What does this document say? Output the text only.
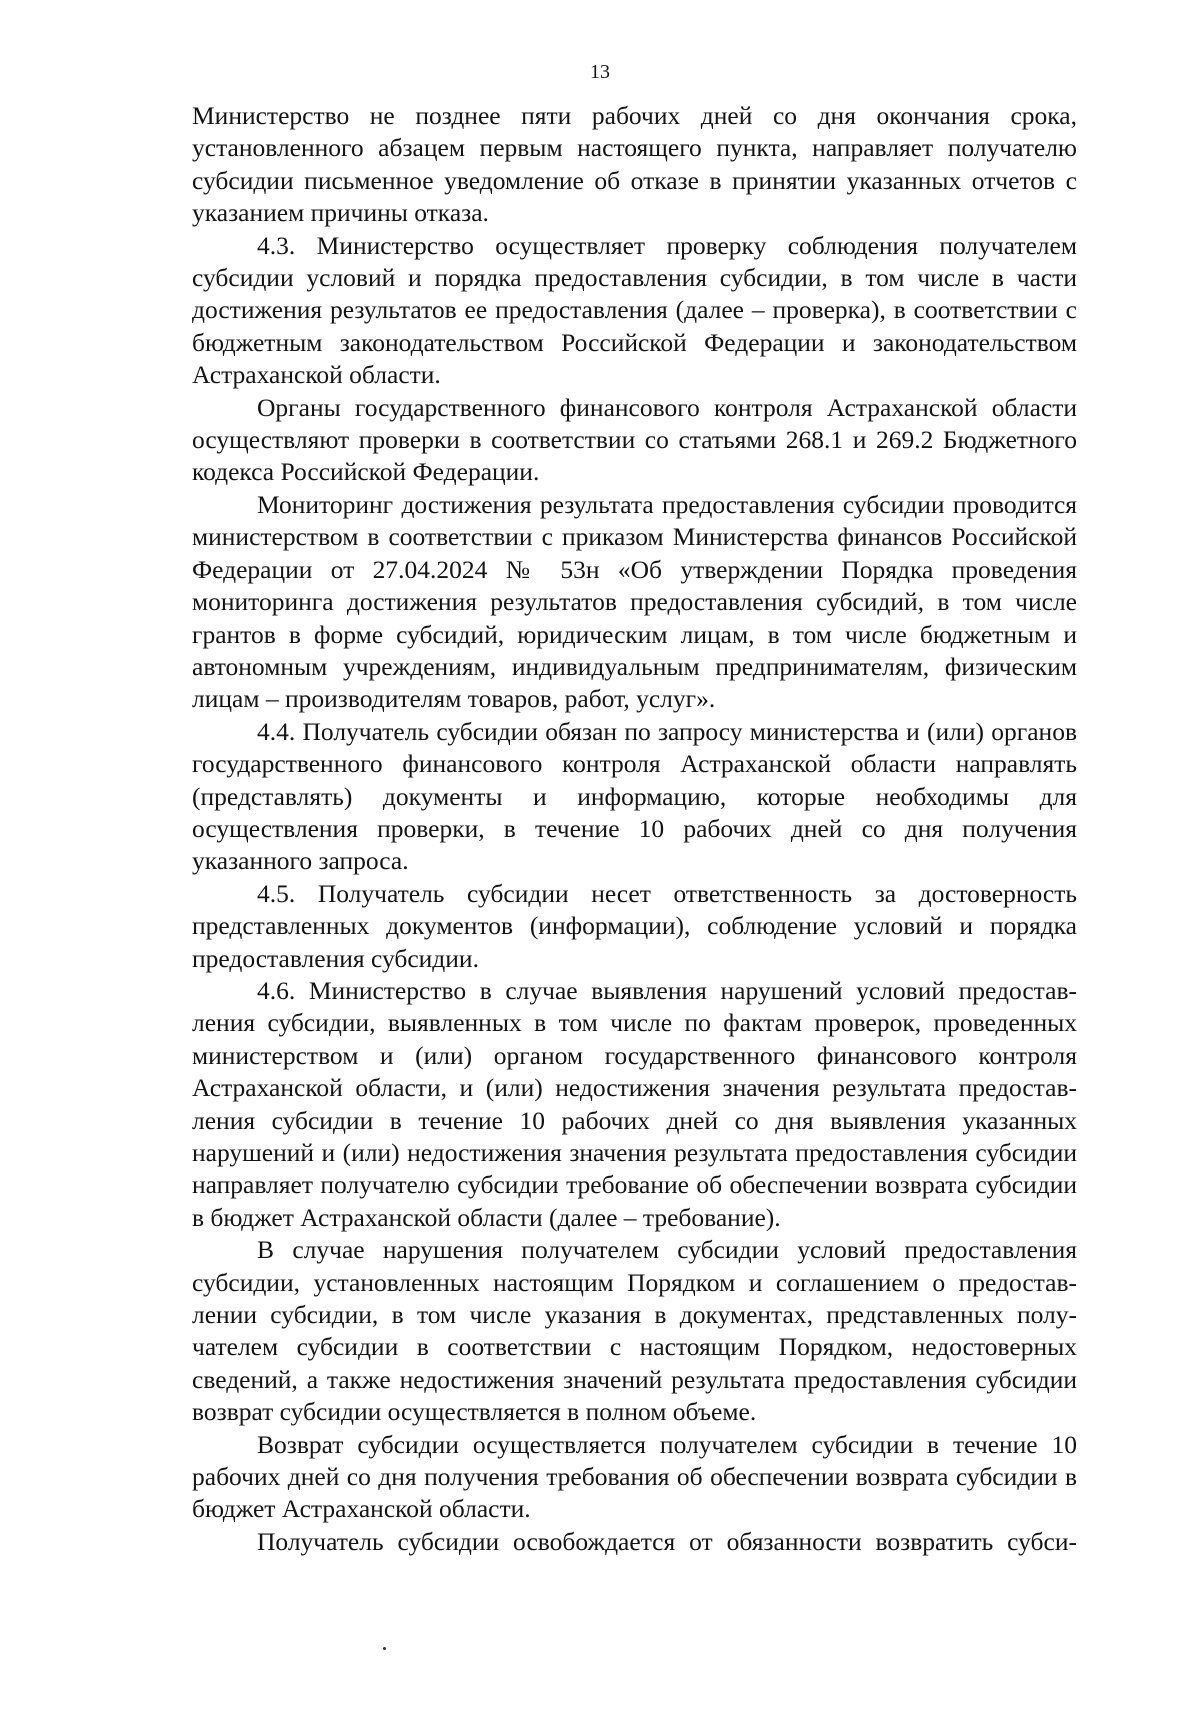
13

Министерство не позднее пяти рабочих дней со дня окончания срока, установленного абзацем первым настоящего пункта, направляет получателю субсидии письменное уведомление об отказе в принятии указанных отчетов с указанием причины отказа.

4.3. Министерство осуществляет проверку соблюдения получателем субсидии условий и порядка предоставления субсидии, в том числе в части достижения результатов ее предоставления (далее – проверка), в соответствии с бюджетным законодательством Российской Федерации и законодательством Астраханской области.

Органы государственного финансового контроля Астраханской области осуществляют проверки в соответствии со статьями 268.1 и 269.2 Бюджетного кодекса Российской Федерации.

Мониторинг достижения результата предоставления субсидии проводится министерством в соответствии с приказом Министерства финансов Российской Федерации от 27.04.2024 № 53н «Об утверждении Порядка проведения мониторинга достижения результатов предоставления субсидий, в том числе грантов в форме субсидий, юридическим лицам, в том числе бюджетным и автономным учреждениям, индивидуальным предпринимателям, физическим лицам – производителям товаров, работ, услуг».

4.4. Получатель субсидии обязан по запросу министерства и (или) органов государственного финансового контроля Астраханской области направлять (представлять) документы и информацию, которые необходимы для осуществления проверки, в течение 10 рабочих дней со дня получения указанного запроса.

4.5. Получатель субсидии несет ответственность за достоверность представленных документов (информации), соблюдение условий и порядка предоставления субсидии.

4.6. Министерство в случае выявления нарушений условий предоставления субсидии, выявленных в том числе по фактам проверок, проведенных министерством и (или) органом государственного финансового контроля Астраханской области, и (или) недостижения значения результата предоставления субсидии в течение 10 рабочих дней со дня выявления указанных нарушений и (или) недостижения значения результата предоставления субсидии направляет получателю субсидии требование об обеспечении возврата субсидии в бюджет Астраханской области (далее – требование).

В случае нарушения получателем субсидии условий предоставления субсидии, установленных настоящим Порядком и соглашением о предоставлении субсидии, в том числе указания в документах, представленных получателем субсидии в соответствии с настоящим Порядком, недостоверных сведений, а также недостижения значений результата предоставления субсидии возврат субсидии осуществляется в полном объеме.

Возврат субсидии осуществляется получателем субсидии в течение 10 рабочих дней со дня получения требования об обеспечении возврата субсидии в бюджет Астраханской области.

Получатель субсидии освобождается от обязанности возвратить субси-
